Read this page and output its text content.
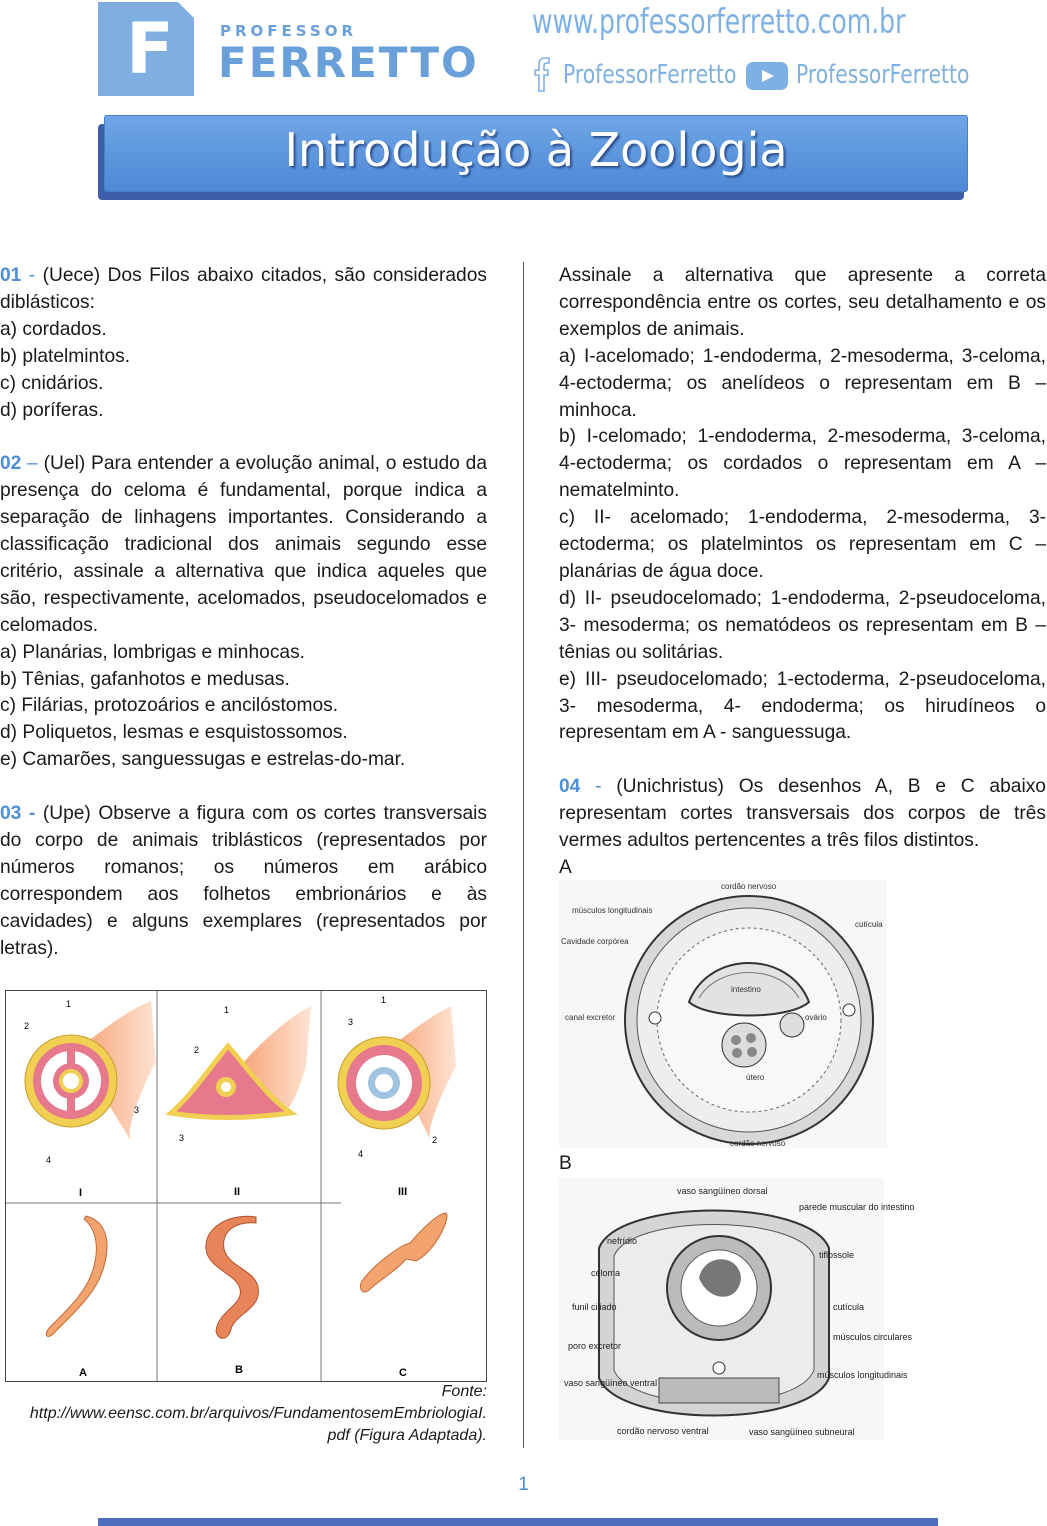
F	PROFESSOR
FERRETTO
www.professorferretto.com.br
ProfessorFerretto ProfessorFerretto
Introdução à Zoologia

01 - (Uece) Dos Filos abaixo citados, são considerados diblásticos:

a) cordados.

b) platelmintos.

c) cnidários.

d) poríferas.

02 – (Uel) Para entender a evolução animal, o estudo da presença do celoma é fundamental, porque indica a separação de linhagens importantes. Considerando a classificação tradicional dos animais segundo esse critério, assinale a alternativa que indica aqueles que são, respectivamente, acelomados, pseudocelomados e celomados.

a) Planárias, lombrigas e minhocas.

b) Tênias, gafanhotos e medusas.

c) Filárias, protozoários e ancilóstomos.

d) Poliquetos, lesmas e esquistossomos.

e) Camarões, sanguessugas e estrelas-do-mar.

03 - (Upe) Observe a figura com os cortes transversais do corpo de animais triblásticos (representados por números romanos; os números em arábico correspondem aos folhetos embrionários e às cavidades) e alguns exemplares (representados por letras).

1
2
3
4
1
2
3
1
3
2
4
I	II	III
A	B	C
Fonte:
http://www.eensc.com.br/arquivos/FundamentosemEmbriologiaI.
pdf (Figura Adaptada).

Assinale a alternativa que apresente a correta correspondência entre os cortes, seu detalhamento e os exemplos de animais.

a) I-acelomado; 1-endoderma, 2-mesoderma, 3-celoma, 4-ectoderma; os anelídeos o representam em B – minhoca.

b) I-celomado; 1-endoderma, 2-mesoderma, 3-celoma, 4-ectoderma; os cordados o representam em A – nematelminto.

c) II- acelomado; 1-endoderma, 2-mesoderma, 3-ectoderma; os platelmintos os representam em C – planárias de água doce.

d) II- pseudocelomado; 1-endoderma, 2-pseudoceloma, 3- mesoderma; os nematódeos os representam em B – tênias ou solitárias.

e) III- pseudocelomado; 1-ectoderma, 2-pseudoceloma, 3- mesoderma, 4- endoderma; os hirudíneos o representam em A - sanguessuga.

04 - (Unichristus) Os desenhos A, B e C abaixo representam cortes transversais dos corpos de três vermes adultos pertencentes a três filos distintos.

A

cordão nervoso
músculos longitudinais
cutícula
Cavidade corpórea
intestino
canal excretor	ovário
útero
cordão nervoso

B

vaso sangüíneo dorsal
parede muscular do intestino
nefrídio
tiflossole
celoma
funil ciliado	cutícula
poro excretor
músculos circulares
vaso sangüíneo ventral
músculos longitudinais
cordão nervoso ventral	vaso sangüíneo subneural
1
